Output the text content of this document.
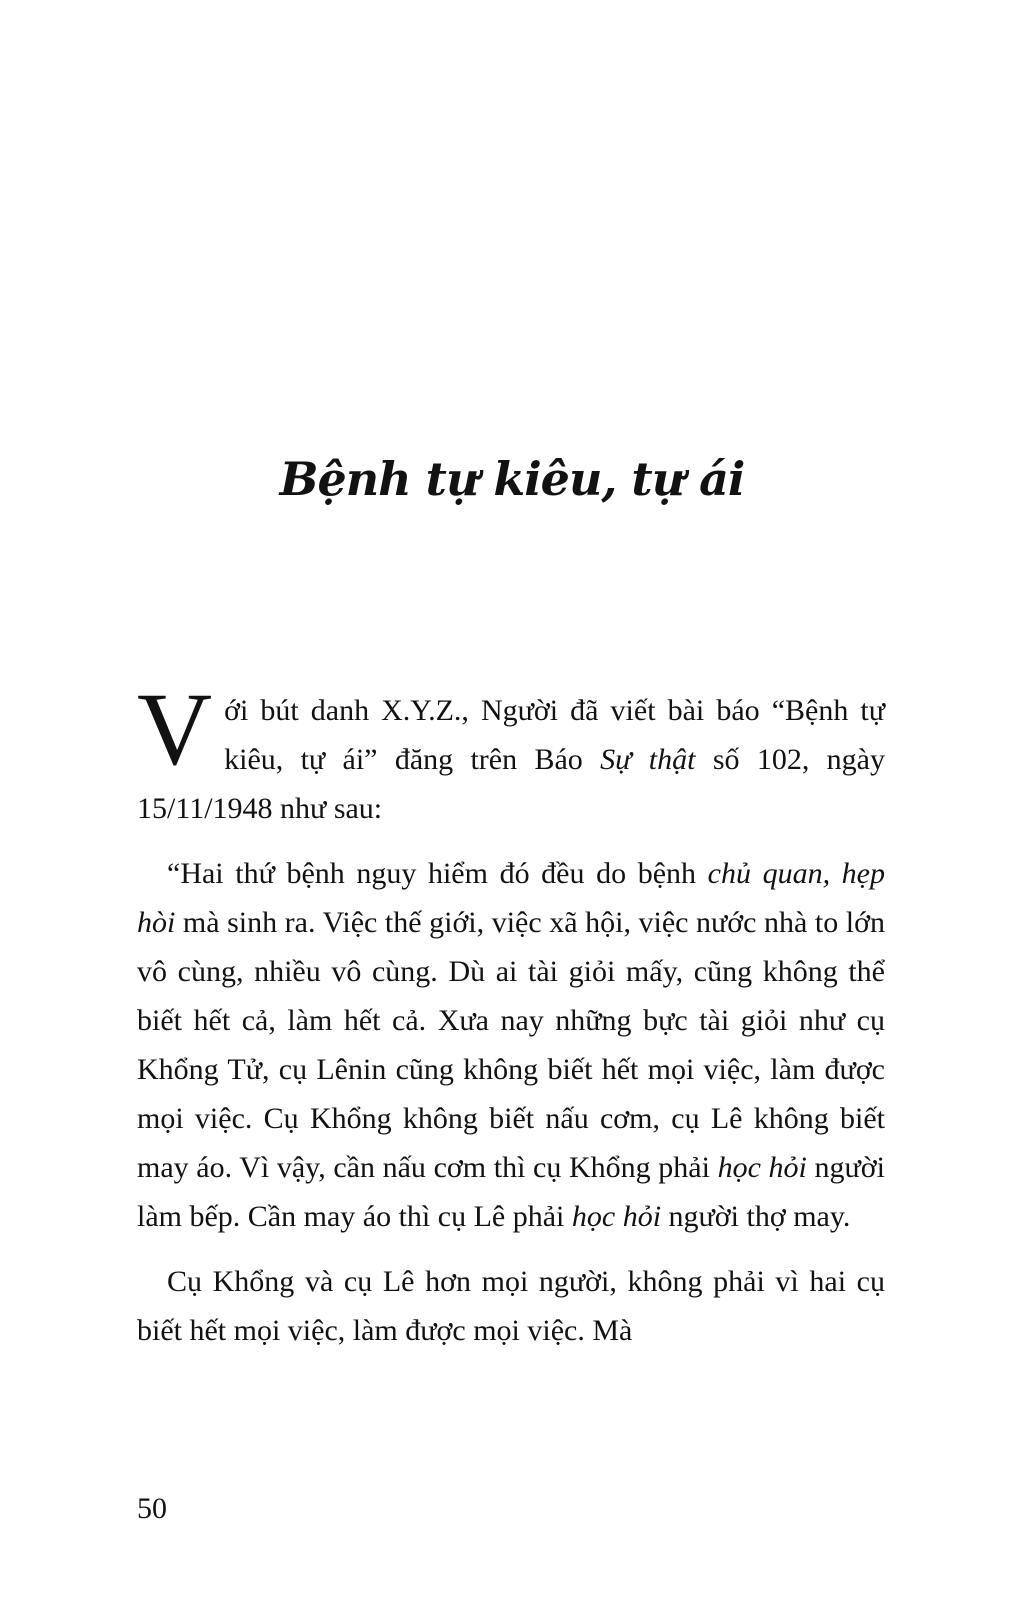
Bệnh tự kiêu, tự ái

Với bút danh X.Y.Z., Người đã viết bài báo “Bệnh tự kiêu, tự ái” đăng trên Báo Sự thật số 102, ngày 15/11/1948 như sau:

“Hai thứ bệnh nguy hiểm đó đều do bệnh chủ quan, hẹp hòi mà sinh ra. Việc thế giới, việc xã hội, việc nước nhà to lớn vô cùng, nhiều vô cùng. Dù ai tài giỏi mấy, cũng không thể biết hết cả, làm hết cả. Xưa nay những bực tài giỏi như cụ Khổng Tử, cụ Lênin cũng không biết hết mọi việc, làm được mọi việc. Cụ Khổng không biết nấu cơm, cụ Lê không biết may áo. Vì vậy, cần nấu cơm thì cụ Khổng phải học hỏi người làm bếp. Cần may áo thì cụ Lê phải học hỏi người thợ may.

Cụ Khổng và cụ Lê hơn mọi người, không phải vì hai cụ biết hết mọi việc, làm được mọi việc. Mà

50
